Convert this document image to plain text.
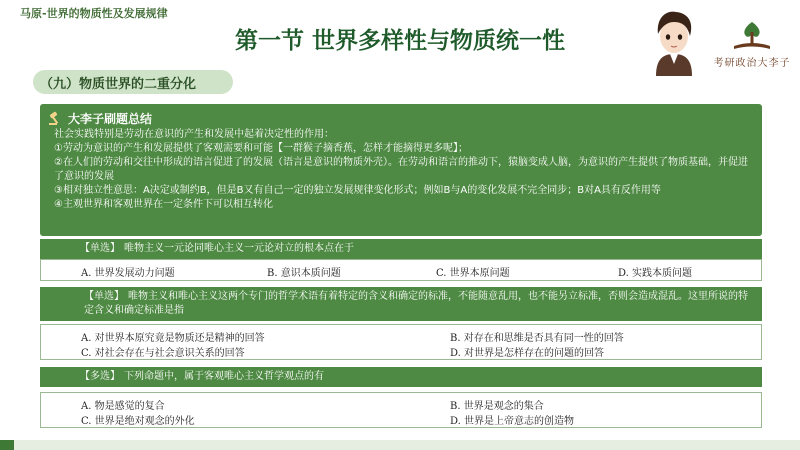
马原-世界的物质性及发展规律
第一节 世界多样性与物质统一性
考研政治大李子
（九）物质世界的二重分化
大李子刷题总结

社会实践特别是劳动在意识的产生和发展中起着决定性的作用：

①劳动为意识的产生和发展提供了客观需要和可能【一群猴子摘香蕉，怎样才能摘得更多呢】；

②在人们的劳动和交往中形成的语言促进了的发展（语言是意识的物质外壳）。在劳动和语言的推动下，猿脑变成人脑，为意识的产生提供了物质基础，并促进了意识的发展

③相对独立性意思：A决定或制约B，但是B又有自己一定的独立发展规律变化形式；例如B与A的变化发展不完全同步；B对A具有反作用等

④主观世界和客观世界在一定条件下可以相互转化

【单选】 唯物主义一元论同唯心主义一元论对立的根本点在于
A. 世界发展动力问题	B. 意识本质问题	C. 世界本原问题	D. 实践本质问题
【单选】 唯物主义和唯心主义这两个专门的哲学术语有着特定的含义和确定的标准，不能随意乱用，也不能另立标准，否则会造成混乱。这里所说的特定含义和确定标准是指
A. 对世界本原究竟是物质还是精神的回答	B. 对存在和思维是否具有同一性的回答
C. 对社会存在与社会意识关系的回答	D. 对世界是怎样存在的问题的回答
【多选】 下列命题中，属于客观唯心主义哲学观点的有
A. 物是感觉的复合	B. 世界是观念的集合
C. 世界是绝对观念的外化	D. 世界是上帝意志的创造物
